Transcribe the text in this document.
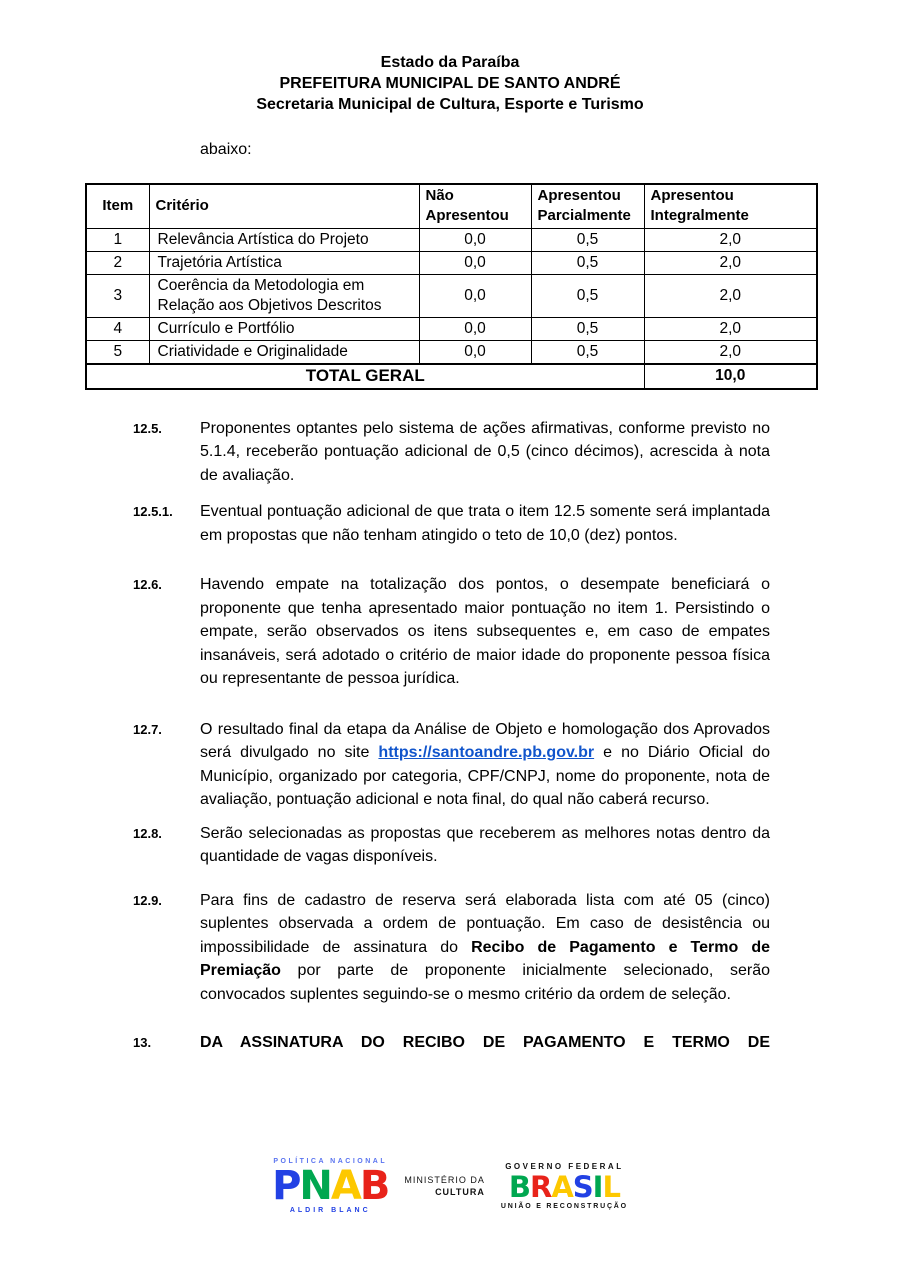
Estado da Paraíba
PREFEITURA MUNICIPAL DE SANTO ANDRÉ
Secretaria Municipal de Cultura, Esporte e Turismo
abaixo:
Item	Critério	Não Apresentou	Apresentou Parcialmente	Apresentou Integralmente
1	Relevância Artística do Projeto	0,0	0,5	2,0
2	Trajetória Artística	0,0	0,5	2,0
3	Coerência da Metodologia em Relação aos Objetivos Descritos	0,0	0,5	2,0
4	Currículo e Portfólio	0,0	0,5	2,0
5	Criatividade e Originalidade	0,0	0,5	2,0
TOTAL GERAL				10,0
12.5.	Proponentes optantes pelo sistema de ações afirmativas, conforme previsto no 5.1.4, receberão pontuação adicional de 0,5 (cinco décimos), acrescida à nota de avaliação.
12.5.1.	Eventual pontuação adicional de que trata o item 12.5 somente será implantada em propostas que não tenham atingido o teto de 10,0 (dez) pontos.
12.6.	Havendo empate na totalização dos pontos, o desempate beneficiará o proponente que tenha apresentado maior pontuação no item 1. Persistindo o empate, serão observados os itens subsequentes e, em caso de empates insanáveis, será adotado o critério de maior idade do proponente pessoa física ou representante de pessoa jurídica.
12.7.	O resultado final da etapa da Análise de Objeto e homologação dos Aprovados será divulgado no site https://santoandre.pb.gov.br e no Diário Oficial do Município, organizado por categoria, CPF/CNPJ, nome do proponente, nota de avaliação, pontuação adicional e nota final, do qual não caberá recurso.
12.8.	Serão selecionadas as propostas que receberem as melhores notas dentro da quantidade de vagas disponíveis.
12.9.	Para fins de cadastro de reserva será elaborada lista com até 05 (cinco) suplentes observada a ordem de pontuação. Em caso de desistência ou impossibilidade de assinatura do Recibo de Pagamento e Termo de Premiação por parte de proponente inicialmente selecionado, serão convocados suplentes seguindo-se o mesmo critério da ordem de seleção.
13.	DA ASSINATURA DO RECIBO DE PAGAMENTO E TERMO DE
POLÍTICA NACIONAL
PNAB
ALDIR BLANC
MINISTÉRIO DA
CULTURA
GOVERNO FEDERAL
BRASIL
UNIÃO E RECONSTRUÇÃO
